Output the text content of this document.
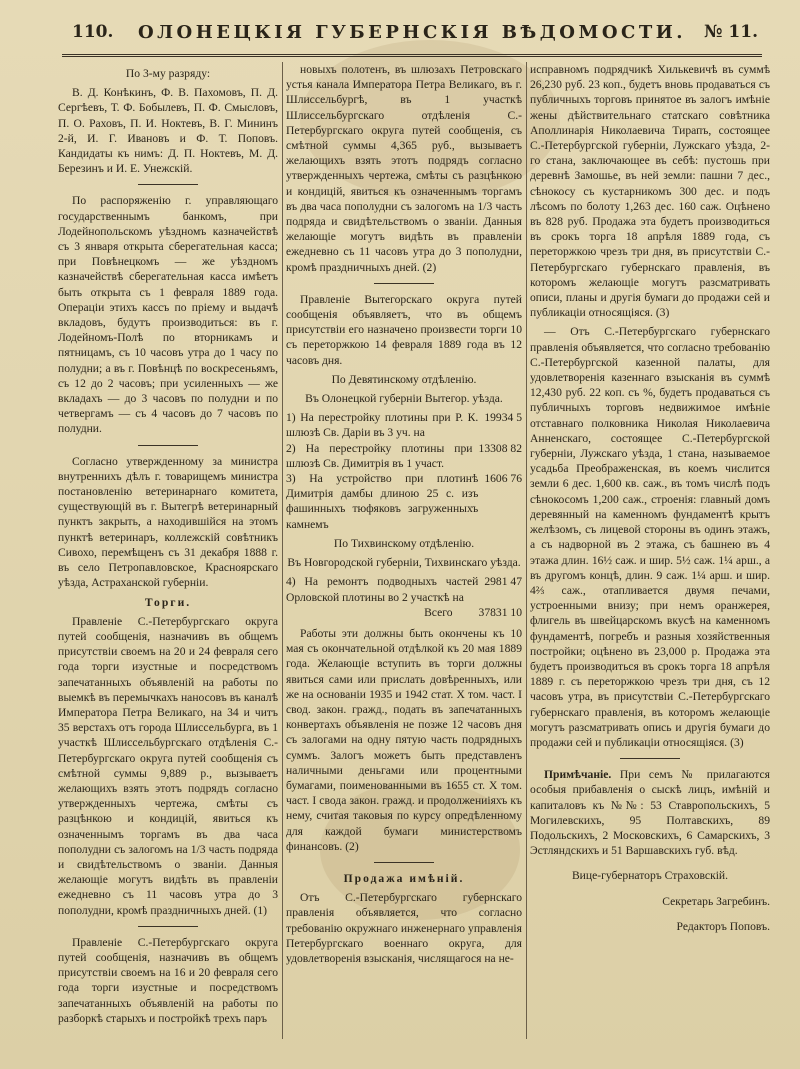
110.	ОЛОНЕЦКІЯ ГУБЕРНСКІЯ ВѢДОМОСТИ.	№ 11.

По 3-му разряду:

В. Д. Конѣкинъ, Ф. В. Пахомовъ, П. Д. Сергѣевъ, Т. Ф. Бобылевъ, П. Ф. Смысловъ, П. О. Раховъ, П. И. Ноктевъ, В. Г. Мининъ 2-й, И. Г. Ивановъ и Ф. Т. Поповъ. Кандидаты къ нимъ: Д. П. Ноктевъ, М. Д. Березинъ и И. Е. Унежскій.

По распоряженію г. управляющаго государственнымъ банкомъ, при Лодейнопольскомъ уѣздномъ казначействѣ съ 3 января открыта сберегательная касса; при Повѣнецкомъ — же уѣздномъ казначействѣ сберегательная касса имѣетъ быть открыта съ 1 февраля 1889 года. Операціи этихъ кассъ по пріему и выдачѣ вкладовъ, будутъ производиться: въ г. Лодейномъ-Полѣ по вторникамъ и пятницамъ, съ 10 часовъ утра до 1 часу по полудни; а въ г. Повѣнцѣ по воскресеньямъ, съ 12 до 2 часовъ; при усиленныхъ — же вкладахъ — до 3 часовъ по полудни и по четвергамъ — съ 4 часовъ до 7 часовъ по полудни.

Согласно утвержденному за министра внутреннихъ дѣлъ г. товарищемъ министра постановленію ветеринарнаго комитета, существующій въ г. Вытегрѣ ветеринарный пунктъ закрыть, а находившійся на этомъ пунктѣ ветеринаръ, коллежскій совѣтникъ Сивохо, перемѣщенъ съ 31 декабря 1888 г. въ село Петропавловское, Красноярскаго уѣзда, Астраханской губерніи.

Торги.

Правленіе С.-Петербургскаго округа путей сообщенія, назначивъ въ общемъ присутствіи своемъ на 20 и 24 февраля сего года торги изустные и посредствомъ запечатанныхъ объявленій на работы по выемкѣ въ перемычкахъ наносовъ въ каналѣ Императора Петра Великаго, на 34 и читъ 35 верстахъ отъ города Шлиссельбурга, въ 1 участкѣ Шлиссельбургскаго отдѣленія С.-Петербургскаго округа путей сообщенія съ смѣтной суммы 9,889 р., вызываетъ желающихъ взять этотъ подрядъ согласно утвержденныхъ чертежа, смѣты съ разцѣнкою и кондицій, явиться къ означеннымъ торгамъ въ два часа пополудни съ залогомъ на 1/3 часть подряда и свидѣтельствомъ о званіи. Данныя желающіе могутъ видѣть въ правленіи ежедневно съ 11 часовъ утра до 3 пополудни, кромѣ праздничныхъ дней. (1)

Правленіе С.-Петербургскаго округа путей сообщенія, назначивъ въ общемъ присутствіи своемъ на 16 и 20 февраля сего года торги изустные и посредствомъ запечатанныхъ объявленій на работы по разборкѣ старыхъ и постройкѣ трехъ паръ

новыхъ полотенъ, въ шлюзахъ Петровскаго устья канала Императора Петра Великаго, въ г. Шлиссельбургѣ, въ 1 участкѣ Шлиссельбургскаго отдѣленія С.-Петербургскаго округа путей сообщенія, съ смѣтной суммы 4,365 руб., вызываетъ желающихъ взять этотъ подрядъ согласно утвержденныхъ чертежа, смѣты съ разцѣнкою и кондицій, явиться къ означеннымъ торгамъ въ два часа пополудни съ залогомъ на 1/3 часть подряда и свидѣтельствомъ о званіи. Данныя желающіе могутъ видѣть въ правленіи ежедневно съ 11 часовъ утра до 3 пополудни, кромѣ праздничныхъ дней. (2)

Правленіе Вытегорскаго округа путей сообщенія объявляетъ, что въ общемъ присутствіи его назначено произвести торги 10 съ переторжкою 14 февраля 1889 года въ 12 часовъ дня.

По Девятинскому отдѣленію.

Въ Олонецкой губерніи Вытегор. уѣзда.

1) На перестройку плотины при Р. К. шлюзѣ Св. Даріи въ 3 уч. на
19934 5
2) На перестройку плотины при шлюзѣ Св. Димитрія въ 1 участ.
13308 82
3) На устройство при плотинѣ Димитрія дамбы длиною 25 с. изъ фашинныхъ тюфяковъ загруженныхъ камнемъ
1606 76

По Тихвинскому отдѣленію.

Въ Новгородской губерніи, Тихвинскаго уѣзда.

4) На ремонтъ подводныхъ частей Орловской плотины во 2 участкѣ на
2981 47
Всего	37831 10

Работы эти должны быть окончены къ 10 мая съ окончательной отдѣлкой къ 20 мая 1889 года. Желающіе вступить въ торги должны явиться сами или прислать довѣренныхъ, или же на основаніи 1935 и 1942 стат. X том. част. I свод. закон. гражд., подать въ запечатанныхъ конвертахъ объявленія не позже 12 часовъ дня съ залогами на одну пятую часть подрядныхъ суммъ. Залогъ можетъ быть представленъ наличными деньгами или процентными бумагами, поименованными въ 1655 ст. X том. част. I свода закон. гражд. и продолжениіяхъ къ нему, считая таковыя по курсу опредѣленному для каждой бумаги министерствомъ финансовъ. (2)

Продажа имѣній.

Отъ С.-Петербургскаго губернскаго правленія объявляется, что согласно требованію окружнаго инженернаго управленія Петербургскаго военнаго округа, для удовлетворенія взысканія, числящагося на не-

исправномъ подрядчикѣ Хилькевичѣ въ суммѣ 26,230 руб. 23 коп., будетъ вновь продаваться съ публичныхъ торговъ принятое въ залогъ имѣніе жены дѣйствительнаго статскаго совѣтника Аполлинарія Николаевича Тирапъ, состоящее С.-Петербургской губерніи, Лужскаго уѣзда, 2-го стана, заключающее въ себѣ: пустошь при деревнѣ Замошье, въ ней земли: пашни 7 дес., сѣнокосу съ кустарникомъ 300 дес. и подъ лѣсомъ по болоту 1,263 дес. 160 саж. Оцѣнено въ 828 руб. Продажа эта будетъ производиться въ срокъ торга 18 апрѣля 1889 года, съ переторжкою чрезъ три дня, въ присутствіи С.-Петербургскаго губернскаго правленія, въ которомъ желающіе могутъ разсматривать описи, планы и другія бумаги до продажи сей и публикаціи относящіяся. (3)

— Отъ С.-Петербургскаго губернскаго правленія объявляется, что согласно требованію С.-Петербургской казенной палаты, для удовлетворенія казеннаго взысканія въ суммѣ 12,430 руб. 22 коп. съ %, будетъ продаваться съ публичныхъ торговъ недвижимое имѣніе отставнаго полковника Николая Николаевича Анненскаго, состоящее С.-Петербургской губерніи, Лужскаго уѣзда, 1 стана, называемое усадьба Преображенская, въ коемъ числится земли 6 дес. 1,600 кв. саж., въ томъ числѣ подъ сѣнокосомъ 1,200 саж., строенія: главный домъ деревянный на каменномъ фундаментѣ крытъ желѣзомъ, съ лицевой стороны въ одинъ этажъ, а съ надворной въ 2 этажа, съ башнею въ 4 этажа длин. 16½ саж. и шир. 5½ саж. 1¼ арш., а въ другомъ концѣ, длин. 9 саж. 1¼ арш. и шир. 4⅔ саж., отапливается двумя печами, устроенными внизу; при немъ оранжерея, флигель въ швейцарскомъ вкусѣ на каменномъ фундаментѣ, погребъ и разныя хозяйственныя постройки; оцѣнено въ 23,000 р. Продажа эта будетъ производиться въ срокъ торга 18 апрѣля 1889 г. съ переторжкою чрезъ три дня, съ 12 часовъ утра, въ присутствіи С.-Петербургскаго губернскаго правленія, въ которомъ желающіе могутъ разсматривать опись и другія бумаги до продажи сей и публикаціи относящіяся. (3)

Примѣчаніе. При семъ № прилагаются особыя прибавленія о сыскѣ лицъ, имѣній и капиталовъ къ №№: 53 Ставропольскихъ, 5 Могилевскихъ, 95 Полтавскихъ, 89 Подольскихъ, 2 Московскихъ, 6 Самарскихъ, 3 Эстляндскихъ и 51 Варшавскихъ губ. вѣд.

Вице-губернаторъ Страховскій.

Секретарь Загребинъ.

Редакторъ Поповъ.
